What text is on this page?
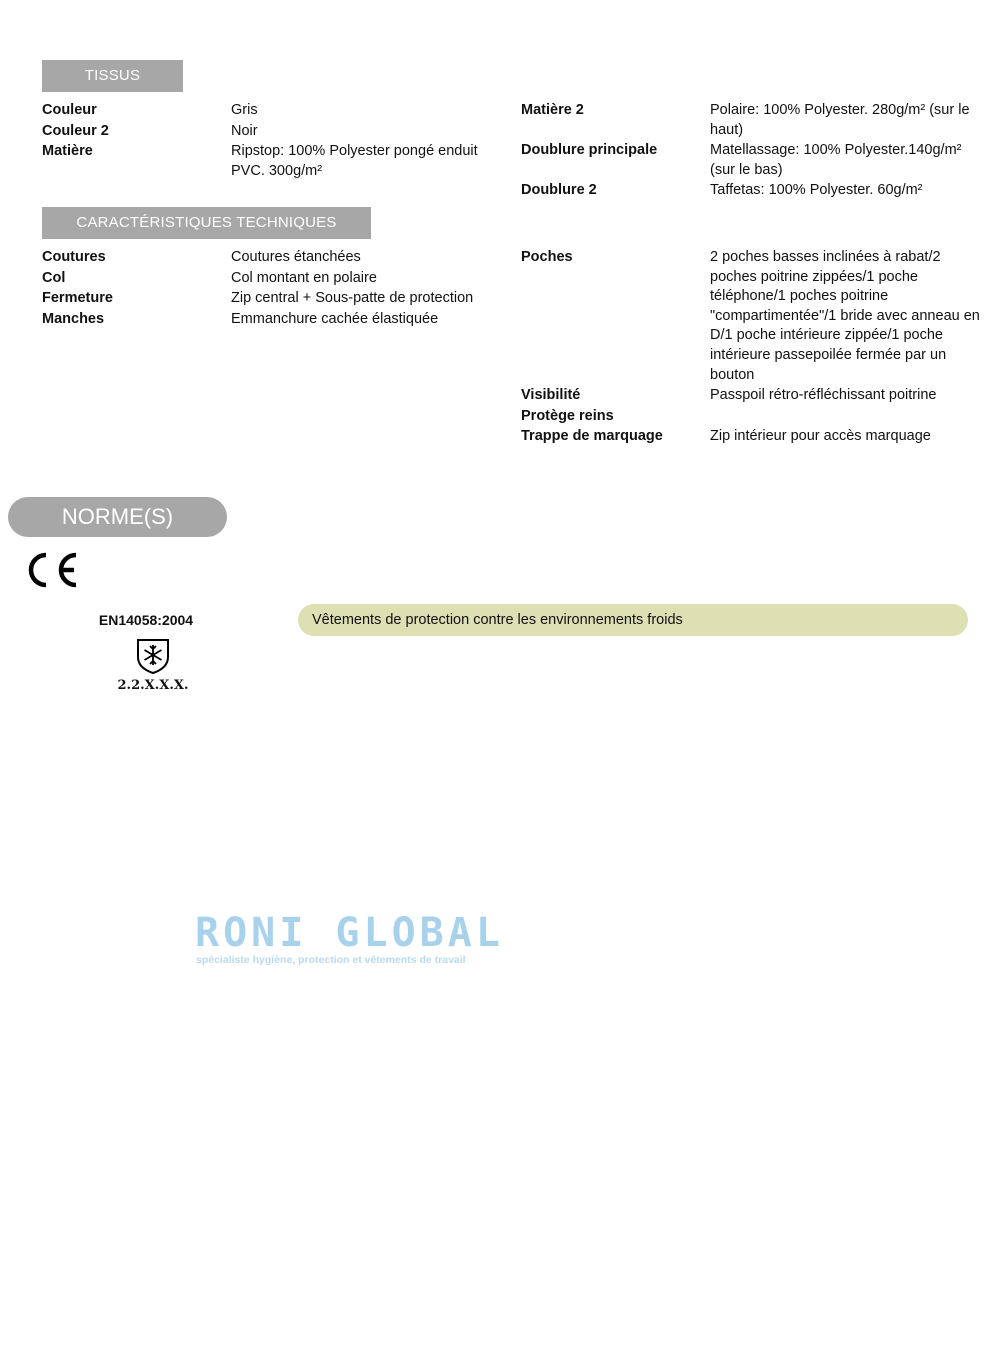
TISSUS
Couleur	Gris
Couleur 2	Noir
Matière	Ripstop: 100% Polyester pongé enduit PVC. 300g/m²
Matière 2	Polaire: 100% Polyester. 280g/m² (sur le haut)
Doublure principale	Matellassage: 100% Polyester.140g/m² (sur le bas)
Doublure 2	Taffetas: 100% Polyester. 60g/m²
CARACTÉRISTIQUES TECHNIQUES
Coutures	Coutures étanchées
Col	Col montant en polaire
Fermeture	Zip central + Sous-patte de protection
Manches	Emmanchure cachée élastiquée
Poches	2 poches basses inclinées à rabat/2 poches poitrine zippées/1 poche téléphone/1 poches poitrine "compartimentée"/1 bride avec anneau en D/1 poche intérieure zippée/1 poche intérieure passepoilée fermée par un bouton
Visibilité	Passpoil rétro-réfléchissant poitrine
Protège reins
Trappe de marquage	Zip intérieur pour accès marquage
NORME(S)
EN14058:2004
2.2.X.X.X.
Vêtements de protection contre les environnements froids
RONI GLOBAL
spécialiste hygiène, protection et vêtements de travail
